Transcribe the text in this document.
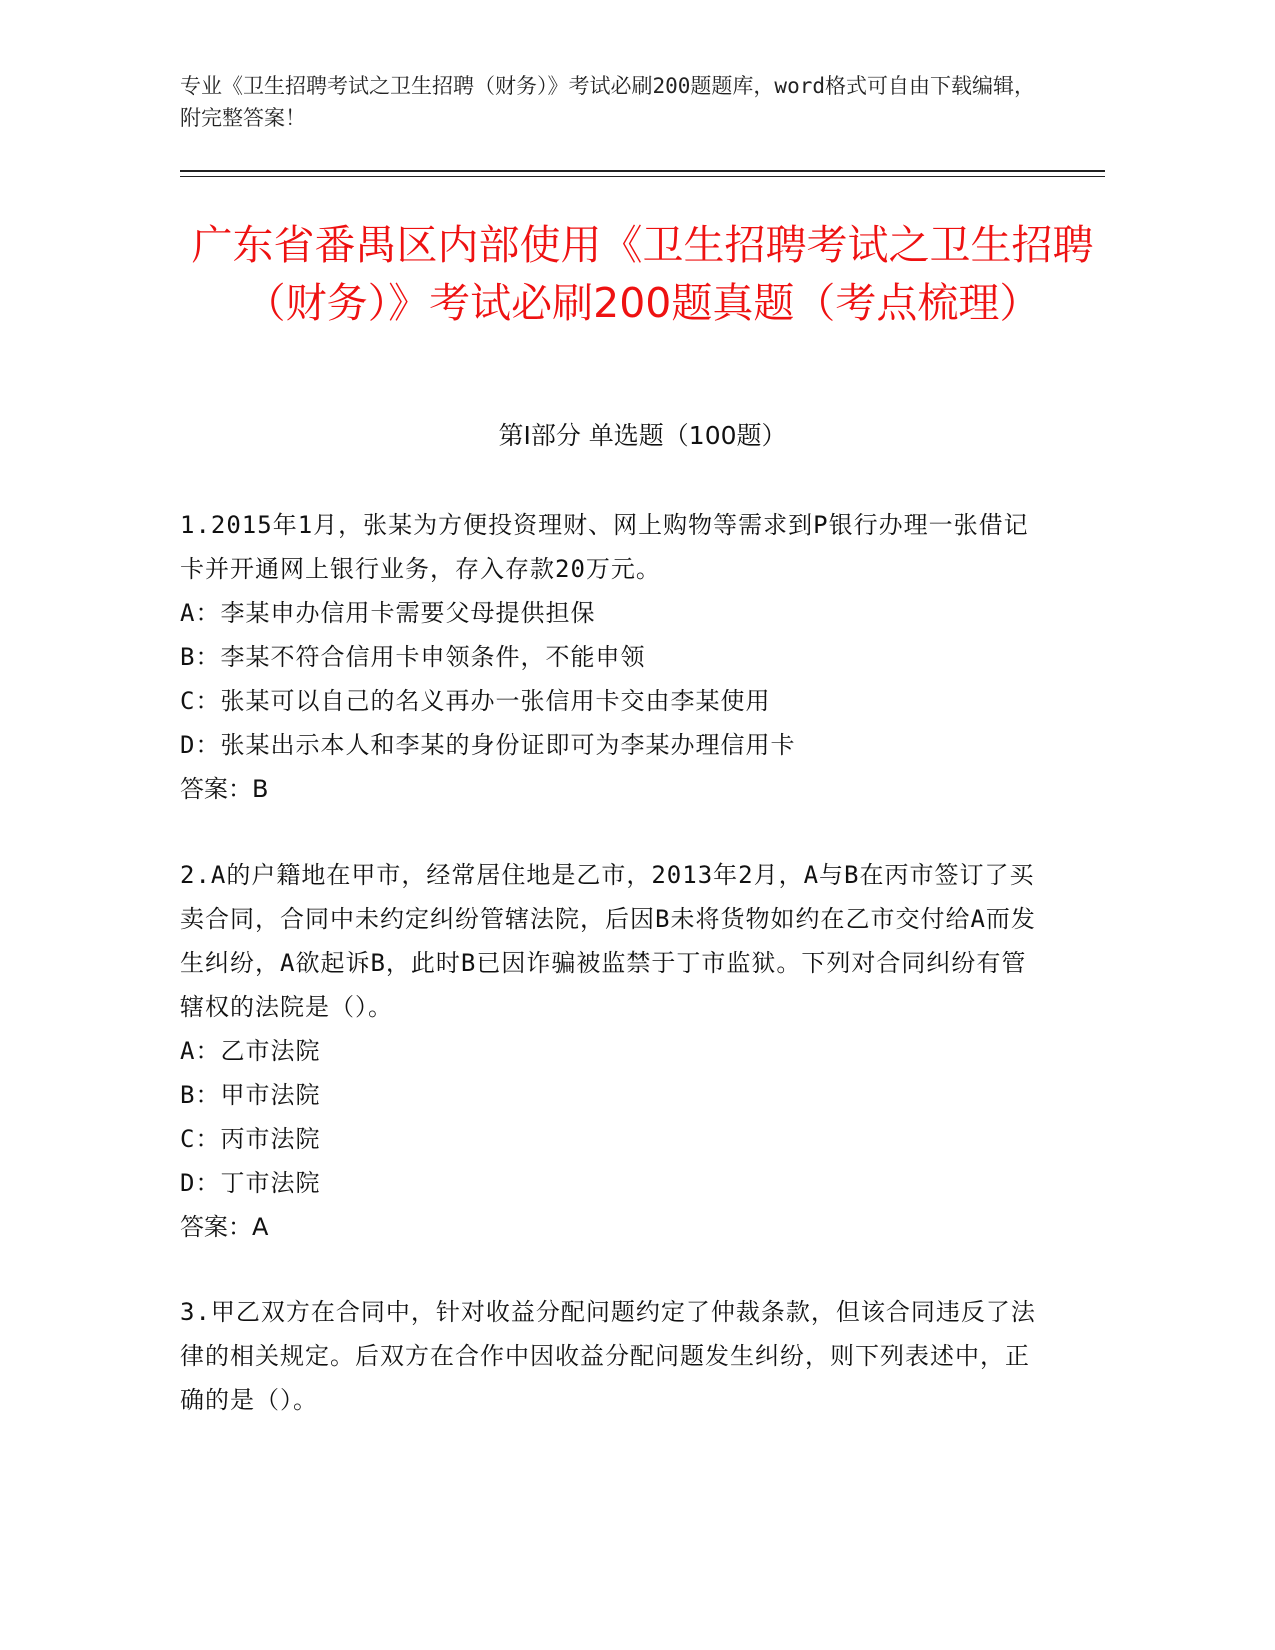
专业《卫生招聘考试之卫生招聘（财务）》考试必刷200题题库，word格式可自由下载编辑，附完整答案！
广东省番禺区内部使用《卫生招聘考试之卫生招聘（财务）》考试必刷200题真题（考点梳理）
第Ⅰ部分 单选题（100题）

1.2015年1月，张某为方便投资理财、网上购物等需求到P银行办理一张借记卡并开通网上银行业务，存入存款20万元。

A：李某申办信用卡需要父母提供担保

B：李某不符合信用卡申领条件，不能申领

C：张某可以自己的名义再办一张信用卡交由李某使用

D：张某出示本人和李某的身份证即可为李某办理信用卡

答案：B

2.A的户籍地在甲市，经常居住地是乙市，2013年2月，A与B在丙市签订了买卖合同，合同中未约定纠纷管辖法院，后因B未将货物如约在乙市交付给A而发生纠纷，A欲起诉B，此时B已因诈骗被监禁于丁市监狱。下列对合同纠纷有管辖权的法院是（）。

A：乙市法院

B：甲市法院

C：丙市法院

D：丁市法院

答案：A

3.甲乙双方在合同中，针对收益分配问题约定了仲裁条款，但该合同违反了法律的相关规定。后双方在合作中因收益分配问题发生纠纷，则下列表述中，正确的是（）。
